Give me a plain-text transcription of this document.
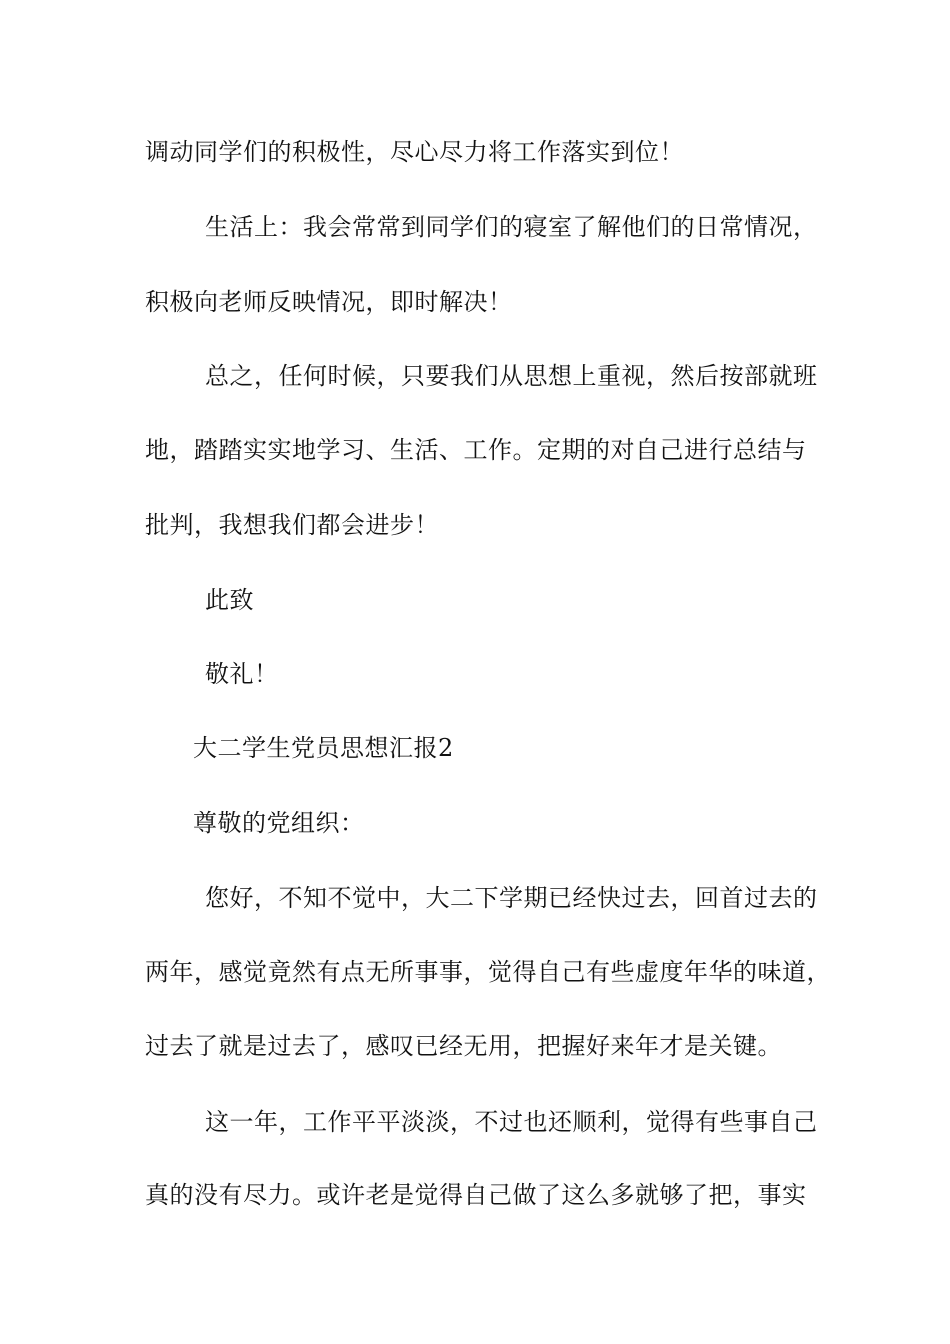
调动同学们的积极性，尽心尽力将工作落实到位！
生活上：我会常常到同学们的寝室了解他们的日常情况，
积极向老师反映情况，即时解决！
总之，任何时候，只要我们从思想上重视，然后按部就班
地，踏踏实实地学习、生活、工作。定期的对自己进行总结与
批判，我想我们都会进步！
此致
敬礼！
大二学生党员思想汇报2
尊敬的党组织：
您好，不知不觉中，大二下学期已经快过去，回首过去的
两年，感觉竟然有点无所事事，觉得自己有些虚度年华的味道，
过去了就是过去了，感叹已经无用，把握好来年才是关键。
这一年，工作平平淡淡，不过也还顺利，觉得有些事自己
真的没有尽力。或许老是觉得自己做了这么多就够了把，事实
